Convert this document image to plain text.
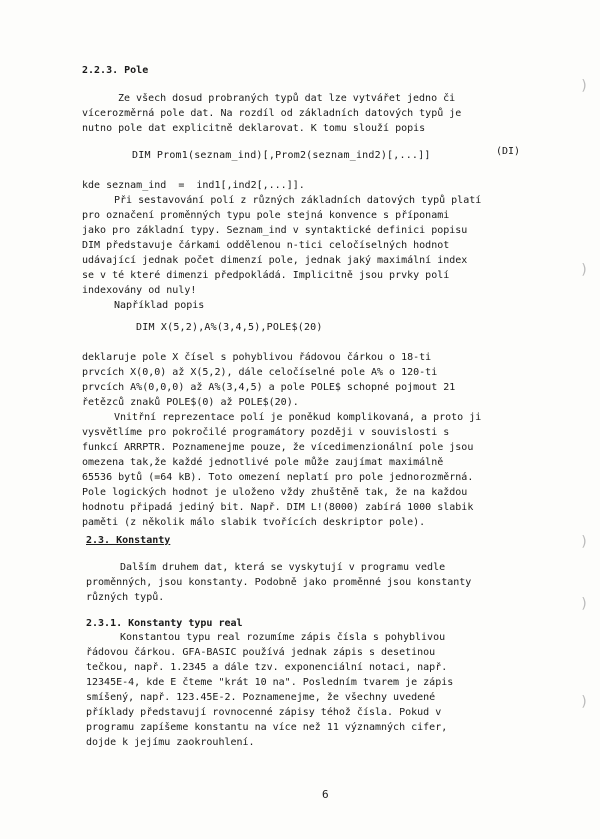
2.2.3. Pole
Ze všech dosud probraných typů dat lze vytvářet jedno či
vícerozměrná pole dat. Na rozdíl od základních datových typů je
nutno pole dat explicitně deklarovat. K tomu slouží popis
DIM Prom1(seznam_ind)[,Prom2(seznam_ind2)[,...]]	(DI)
kde seznam_ind  =  ind1[,ind2[,...]].
Při sestavování polí z různých základních datových typů platí
pro označení proměnných typu pole stejná konvence s příponami
jako pro základní typy. Seznam_ind v syntaktické definici popisu
DIM představuje čárkami oddělenou n-tici celočíselných hodnot
udávající jednak počet dimenzí pole, jednak jaký maximální index
se v té které dimenzi předpokládá. Implicitně jsou prvky polí
indexovány od nuly!
Například popis
DIM X(5,2),A%(3,4,5),POLE$(20)
deklaruje pole X čísel s pohyblivou řádovou čárkou o 18-ti
prvcích X(0,0) až X(5,2), dále celočíselné pole A% o 120-ti
prvcích A%(0,0,0) až A%(3,4,5) a pole POLE$ schopné pojmout 21
řetězců znaků POLE$(0) až POLE$(20).
Vnitřní reprezentace polí je poněkud komplikovaná, a proto ji
vysvětlíme pro pokročilé programátory později v souvislosti s
funkcí ARRPTR. Poznamenejme pouze, že vícedimenzionální pole jsou
omezena tak,že každé jednotlivé pole může zaujímat maximálně
65536 bytů (=64 kB). Toto omezení neplatí pro pole jednorozměrná.
Pole logických hodnot je uloženo vždy zhuštěně tak, že na každou
hodnotu připadá jediný bit. Např. DIM L!(8000) zabírá 1000 slabik
paměti (z několik málo slabik tvořících deskriptor pole).
2.3. Konstanty
Dalším druhem dat, která se vyskytují v programu vedle
proměnných, jsou konstanty. Podobně jako proměnné jsou konstanty
různých typů.
2.3.1. Konstanty typu real
Konstantou typu real rozumíme zápis čísla s pohyblivou
řádovou čárkou. GFA-BASIC používá jednak zápis s desetinou
tečkou, např. 1.2345 a dále tzv. exponenciální notaci, např.
12345E-4, kde E čteme "krát 10 na". Posledním tvarem je zápis
smíšený, např. 123.45E-2. Poznamenejme, že všechny uvedené
příklady představují rovnocenné zápisy téhož čísla. Pokud v
programu zapíšeme konstantu na více než 11 významných cifer,
dojde k jejímu zaokrouhlení.
)
)
)
)
)
6
